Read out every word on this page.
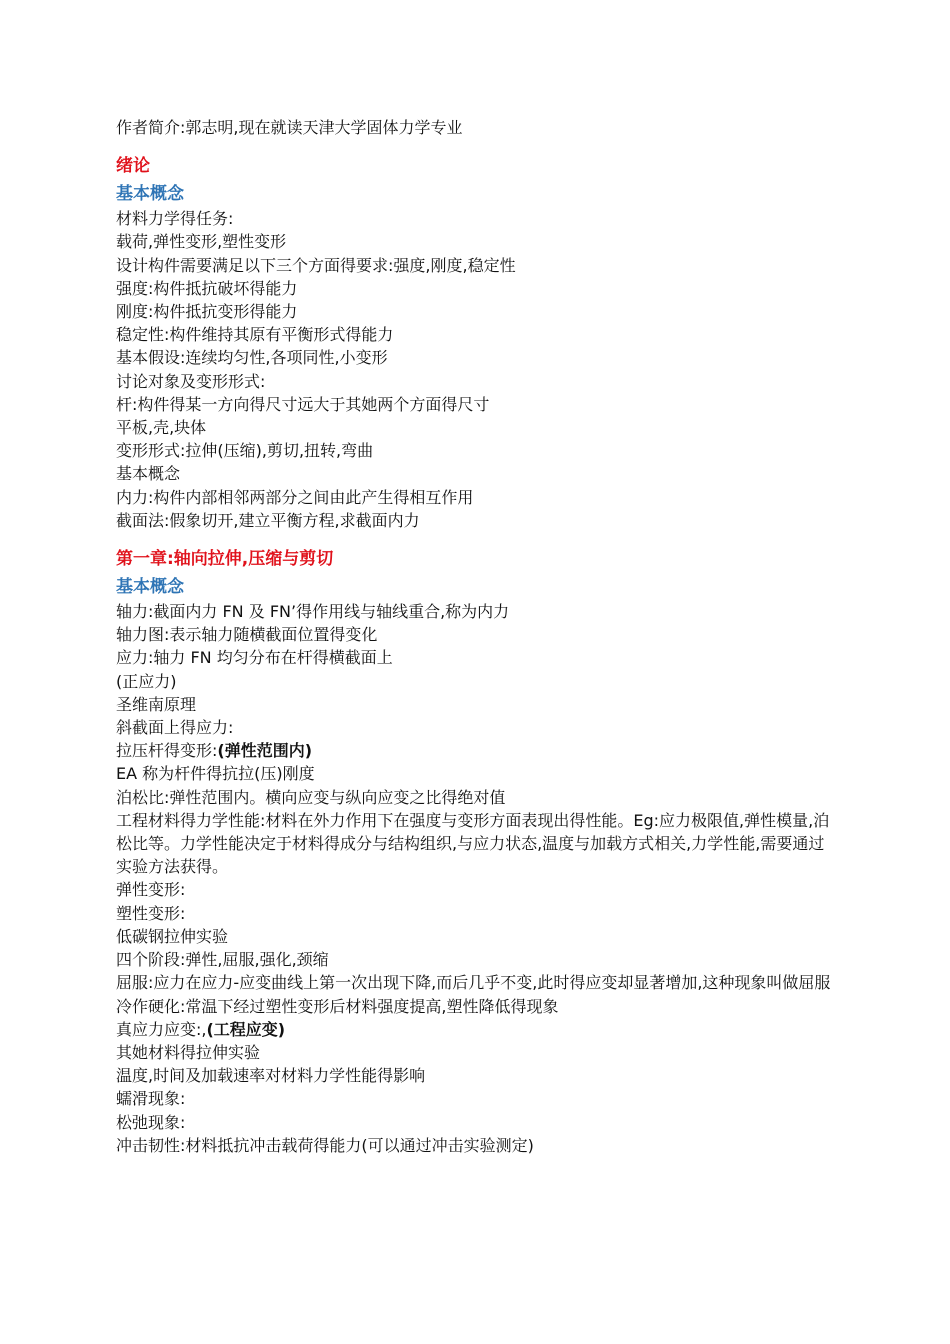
作者简介:郭志明,现在就读天津大学固体力学专业
绪论
基本概念
材料力学得任务:
载荷,弹性变形,塑性变形
设计构件需要满足以下三个方面得要求:强度,刚度,稳定性
强度:构件抵抗破坏得能力
刚度:构件抵抗变形得能力
稳定性:构件维持其原有平衡形式得能力
基本假设:连续均匀性,各项同性,小变形
讨论对象及变形形式:
杆:构件得某一方向得尺寸远大于其她两个方面得尺寸
平板,壳,块体
变形形式:拉伸(压缩),剪切,扭转,弯曲
基本概念
内力:构件内部相邻两部分之间由此产生得相互作用
截面法:假象切开,建立平衡方程,求截面内力
第一章:轴向拉伸,压缩与剪切
基本概念
轴力:截面内力 FN 及 FN’得作用线与轴线重合,称为内力
轴力图:表示轴力随横截面位置得变化
应力:轴力 FN 均匀分布在杆得横截面上
(正应力)
圣维南原理
斜截面上得应力:
拉压杆得变形:(弹性范围内)
EA 称为杆件得抗拉(压)刚度
泊松比:弹性范围内。横向应变与纵向应变之比得绝对值
工程材料得力学性能:材料在外力作用下在强度与变形方面表现出得性能。Eg:应力极限值,弹性模量,泊松比等。力学性能决定于材料得成分与结构组织,与应力状态,温度与加载方式相关,力学性能,需要通过实验方法获得。
弹性变形:
塑性变形:
低碳钢拉伸实验
四个阶段:弹性,屈服,强化,颈缩
屈服:应力在应力-应变曲线上第一次出现下降,而后几乎不变,此时得应变却显著增加,这种现象叫做屈服
冷作硬化:常温下经过塑性变形后材料强度提高,塑性降低得现象
真应力应变:,(工程应变)
其她材料得拉伸实验
温度,时间及加载速率对材料力学性能得影响
蠕滑现象:
松弛现象:
冲击韧性:材料抵抗冲击载荷得能力(可以通过冲击实验测定)
